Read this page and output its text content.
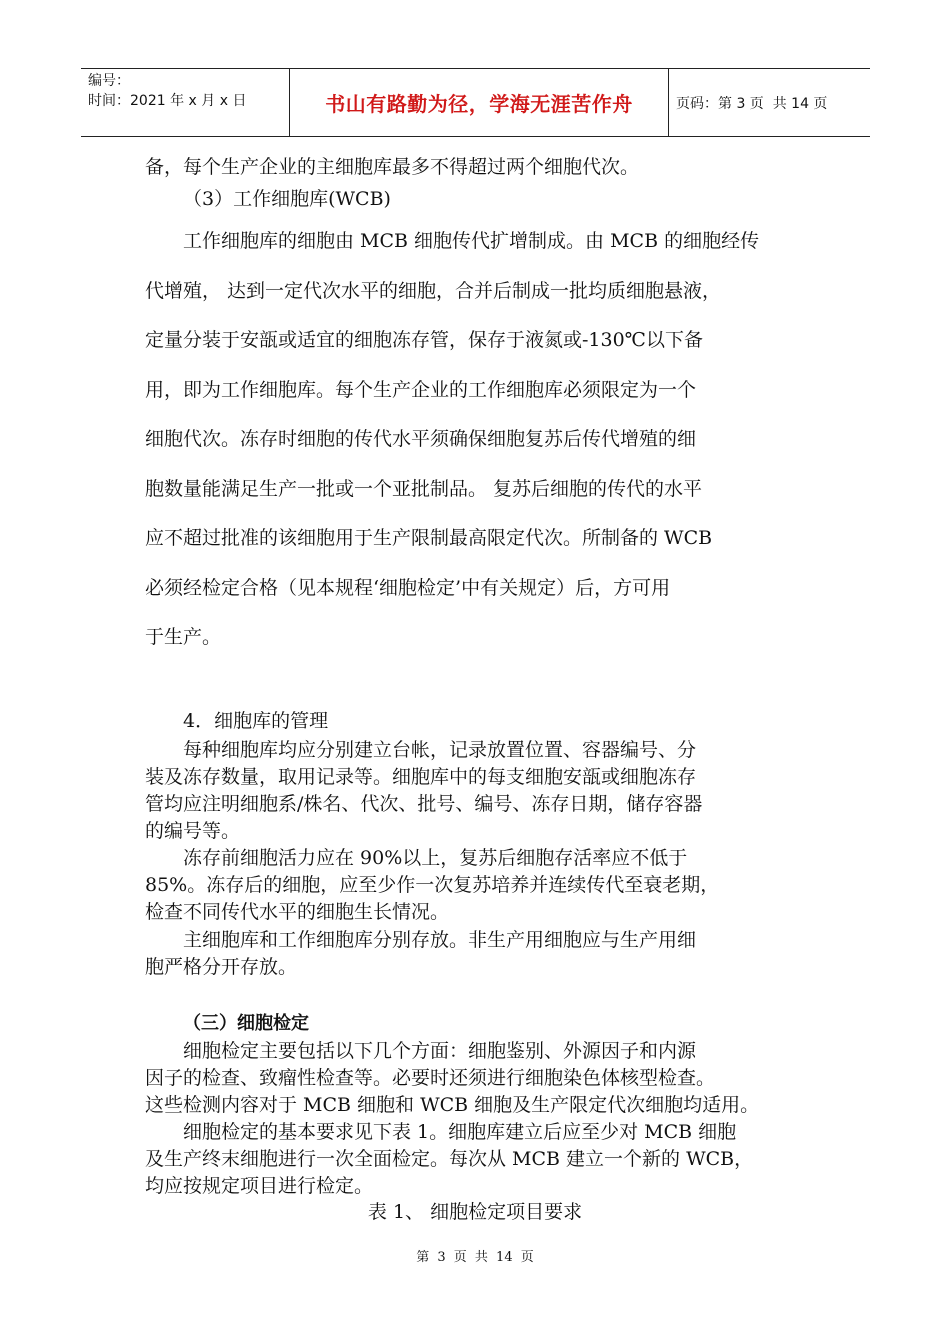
编号：
时间：2021 年 x 月 x 日	书山有路勤为径，学海无涯苦作舟	页码：第 3 页  共 14 页
备，每个生产企业的主细胞库最多不得超过两个细胞代次。
（3）工作细胞库(WCB)
工作细胞库的细胞由 MCB 细胞传代扩增制成。由 MCB 的细胞经传
代增殖， 达到一定代次水平的细胞，合并后制成一批均质细胞悬液，
定量分装于安瓿或适宜的细胞冻存管，保存于液氮或-130℃以下备
用，即为工作细胞库。每个生产企业的工作细胞库必须限定为一个
细胞代次。冻存时细胞的传代水平须确保细胞复苏后传代增殖的细
胞数量能满足生产一批或一个亚批制品。 复苏后细胞的传代的水平
应不超过批准的该细胞用于生产限制最高限定代次。所制备的 WCB
必须经检定合格（见本规程‘细胞检定’中有关规定）后，方可用
于生产。
4．细胞库的管理
每种细胞库均应分别建立台帐，记录放置位置、容器编号、分
装及冻存数量，取用记录等。细胞库中的每支细胞安瓿或细胞冻存
管均应注明细胞系/株名、代次、批号、编号、冻存日期，储存容器
的编号等。
冻存前细胞活力应在 90%以上，复苏后细胞存活率应不低于
85%。冻存后的细胞，应至少作一次复苏培养并连续传代至衰老期，
检查不同传代水平的细胞生长情况。
主细胞库和工作细胞库分别存放。非生产用细胞应与生产用细
胞严格分开存放。
（三）细胞检定
细胞检定主要包括以下几个方面：细胞鉴别、外源因子和内源
因子的检查、致瘤性检查等。必要时还须进行细胞染色体核型检查。
这些检测内容对于 MCB 细胞和 WCB 细胞及生产限定代次细胞均适用。
细胞检定的基本要求见下表 1。细胞库建立后应至少对 MCB 细胞
及生产终末细胞进行一次全面检定。每次从 MCB 建立一个新的 WCB，
均应按规定项目进行检定。
表 1、 细胞检定项目要求
第 3 页 共 14 页
